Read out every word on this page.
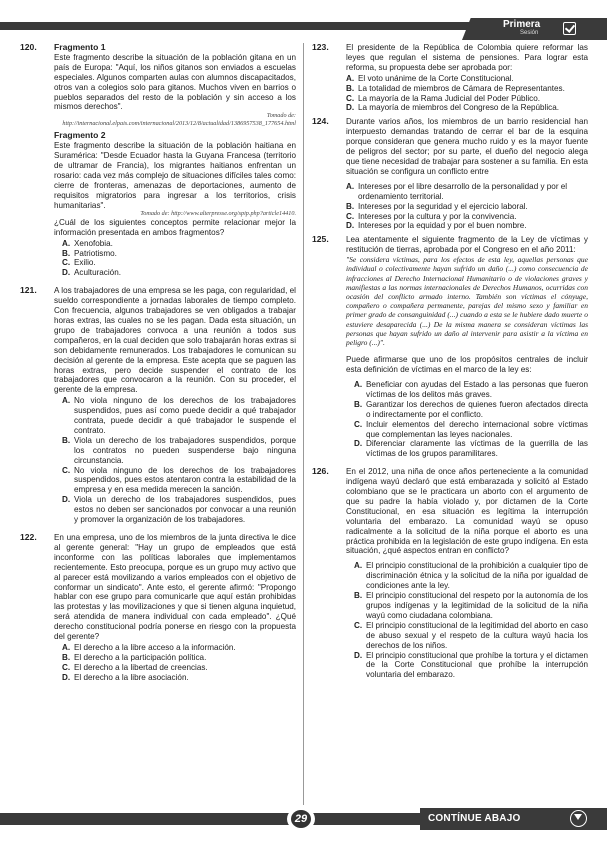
Primera
Sesión
120. Fragmento 1
Este fragmento describe la situación de la población gitana en un país de Europa: "Aquí, los niños gitanos son enviados a escuelas especiales. Algunos comparten aulas con alumnos discapacitados, otros van a colegios solo para gitanos. Muchos viven en barrios o pueblos separados del resto de la población y sin acceso a los mismos derechos".
Tomado de: http://internacional.elpais.com/internacional/2013/12/8/actualidad/1386957538_177654.html
Fragmento 2
Este fragmento describe la situación de la población haitiana en Suramérica: "Desde Ecuador hasta la Guyana Francesa (territorio de ultramar de Francia), los migrantes haitianos enfrentan un rosario: cada vez más complejo de situaciones difíciles tales como: cierre de fronteras, amenazas de deportaciones, aumento de requisitos migratorios para ingresar a los territorios, crisis humanitarias".
Tomado de: http://www.alterpresse.org/spip.php?article14410.
¿Cuál de los siguientes conceptos permite relacionar mejor la información presentada en ambos fragmentos?
A. Xenofobia.
B. Patriotismo.
C. Exilio.
D. Aculturación.
121. A los trabajadores de una empresa se les paga, con regularidad, el sueldo correspondiente a jornadas laborales de tiempo completo. Con frecuencia, algunos trabajadores se ven obligados a trabajar horas extras, las cuales no se les pagan. Dada esta situación, un grupo de trabajadores convoca a una reunión a todos sus compañeros, en la cual deciden que solo trabajarán horas extras si son debidamente remunerados. Los trabajadores le comunican su decisión al gerente de la empresa. Este acepta que se paguen las horas extras, pero decide suspender el contrato de los trabajadores que convocaron a la reunión. Con su proceder, el gerente de la empresa.
A. No viola ninguno de los derechos de los trabajadores suspendidos, pues así como puede decidir a qué trabajador contrata, puede decidir a qué trabajador le suspende el contrato.
B. Viola un derecho de los trabajadores suspendidos, porque los contratos no pueden suspenderse bajo ninguna circunstancia.
C. No viola ninguno de los derechos de los trabajadores suspendidos, pues estos atentaron contra la estabilidad de la empresa y en esa medida merecen la sanción.
D. Viola un derecho de los trabajadores suspendidos, pues estos no deben ser sancionados por convocar a una reunión y promover la organización de los trabajadores.
122. En una empresa, uno de los miembros de la junta directiva le dice al gerente general: "Hay un grupo de empleados que está inconforme con las políticas laborales que implementamos recientemente. Esto preocupa, porque es un grupo muy activo que al parecer está movilizando a varios empleados con el objetivo de conformar un sindicato". Ante esto, el gerente afirmó: "Propongo hablar con ese grupo para comunicarle que aquí están prohibidas las protestas y las movilizaciones y que si tienen alguna inquietud, será atendida de manera individual con cada empleado". ¿Qué derecho constitucional podría ponerse en riesgo con la propuesta del gerente?
A. El derecho a la libre acceso a la información.
B. El derecho a la participación política.
C. El derecho a la libertad de creencias.
D. El derecho a la libre asociación.
123. El presidente de la República de Colombia quiere reformar las leyes que regulan el sistema de pensiones. Para lograr esta reforma, su propuesta debe ser aprobada por:
A. El voto unánime de la Corte Constitucional.
B. La totalidad de miembros de Cámara de Representantes.
C. La mayoría de la Rama Judicial del Poder Público.
D. La mayoría de miembros del Congreso de la República.
124. Durante varios años, los miembros de un barrio residencial han interpuesto demandas tratando de cerrar el bar de la esquina porque consideran que genera mucho ruido y es la mayor fuente de peligros del sector; por su parte, el dueño del negocio alega que tiene necesidad de trabajar para sostener a su familia. En esta situación se configura un conflicto entre
A. Intereses por el libre desarrollo de la personalidad y por el ordenamiento territorial.
B. Intereses por la seguridad y el ejercicio laboral.
C. Intereses por la cultura y por la convivencia.
D. Intereses por la equidad y por el buen nombre.
125. Lea atentamente el siguiente fragmento de la Ley de víctimas y restitución de tierras, aprobada por el Congreso en el año 2011:
"Se considera víctimas, para los efectos de esta ley, aquellas personas que individual o colectivamente hayan sufrido un daño (...) como consecuencia de infracciones al Derecho Internacional Humanitario o de violaciones graves y manifiestas a las normas internacionales de Derechos Humanos, ocurridas con ocasión del conflicto armado interno. También son víctimas el cónyuge, compañero o compañera permanente, parejas del mismo sexo y familiar en primer grado de consanguinidad (...) cuando a esta se le hubiere dado muerte o estuviere desaparecida (...) De la misma manera se consideran víctimas las personas que hayan sufrido un daño al intervenir para asistir a la víctima en peligro (...)".
Puede afirmarse que uno de los propósitos centrales de incluir esta definición de víctimas en el marco de la ley es:
A. Beneficiar con ayudas del Estado a las personas que fueron víctimas de los delitos más graves.
B. Garantizar los derechos de quienes fueron afectados directa o indirectamente por el conflicto.
C. Incluir elementos del derecho internacional sobre víctimas que complementan las leyes nacionales.
D. Diferenciar claramente las víctimas de la guerrilla de las víctimas de los grupos paramilitares.
126. En el 2012, una niña de once años perteneciente a la comunidad indígena wayú declaró que está embarazada y solicitó al Estado colombiano que se le practicara un aborto con el argumento de que su padre la había violado y, por dictamen de la Corte Constitucional, en esa situación es legítima la interrupción voluntaria del embarazo. La comunidad wayú se opuso radicalmente a la solicitud de la niña porque el aborto es una práctica prohibida en la legislación de este grupo indígena. En esta situación, ¿qué aspectos entran en conflicto?
A. El principio constitucional de la prohibición a cualquier tipo de discriminación étnica y la solicitud de la niña por igualdad de condiciones ante la ley.
B. El principio constitucional del respeto por la autonomía de los grupos indígenas y la legitimidad de la solicitud de la niña wayú como ciudadana colombiana.
C. El principio constitucional de la legitimidad del aborto en caso de abuso sexual y el respeto de la cultura wayú hacia los derechos de los niños.
D. El principio constitucional que prohíbe la tortura y el dictamen de la Corte Constitucional que prohíbe la interrupción voluntaria del embarazo.
29	CONTÍNUE ABAJO
